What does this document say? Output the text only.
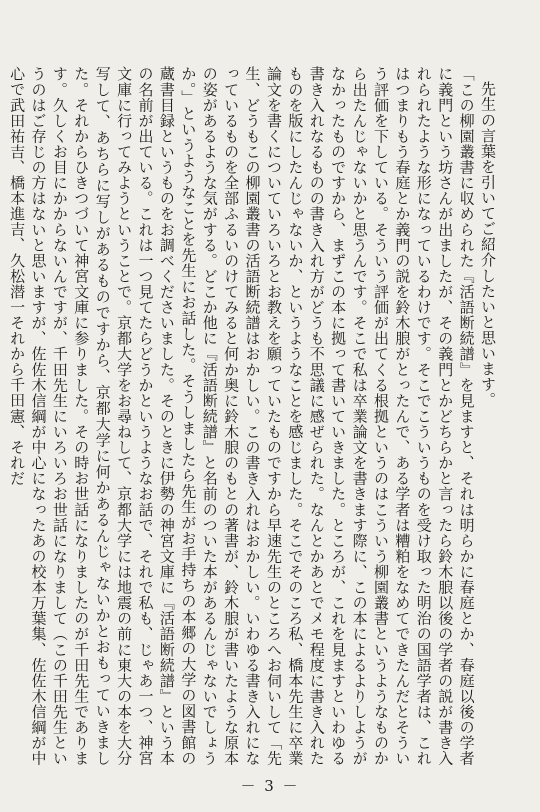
先生の言葉を引いてご紹介したいと思います。

「この柳園叢書に収められた『活語断続譜』を見ますと、それは明らかに春庭とか、春庭以後の学者に義門という坊さんが出ましたが、その義門とかどちらかと言ったら鈴木朖以後の学者の説が書き入れられたような形になっているわけです。そこでこういうものを受け取った明治の国語学者は、これはつまりもう春庭とか義門の説を鈴木朖がとったんで、ある学者は糟粕をなめてできたんだとそういう評価を下している。そういう評価が出てくる根拠というのはこういう柳園叢書というようなものから出たんじゃないかと思うんです。そこで私は卒業論文を書きます際に、この本によるよりしようがなかったものですから、まずこの本に拠って書いていきました。ところが、これを見ますといわゆる書き入れなるものの書き入れ方がどうも不思議に感ぜられた。なんとかあとでメモ程度に書き入れたものを版にしたんじゃないか、というようなことを感じました。そこでそのころ私、橋本先生に卒業論文を書くについていろいろとお教えを願っていたものですから早速先生のところへお伺いして「先生、どうもこの柳園叢書の活語断続譜はおかしい。この書き入れはおかしい。いわゆる書き入れになっているものを全部ふるいのけてみると何か奥に鈴木朖のもとの著書が、鈴木朖が書いたような原本の姿があるような気がする。どこか他に『活語断続譜』と名前のついた本があるんじゃないでしょうか。」というようなことを先生にお話した。そうしましたら先生がお手持ちの本郷の大学の図書館の蔵書目録というものをお調べくださいました。そのときに伊勢の神宮文庫に『活語断続譜』という本の名前が出ている。これは一つ見てたらどうかというようなお話で、それで私も、じゃあ一つ、神宮文庫に行ってみようということで。京都大学をお尋ねして、京都大学には地震の前に東大の本を大分写して、あちらに写しがあるものですから、京都大学に何かあるんじゃないかとおもっていきました。それからひきつづいて神宮文庫に参りました。その時お世話になりましたのが千田先生であります。久しくお目にかからないんですが、千田先生にいろいろお世話になりまして（この千田先生というのはご存じの方はないと思いますが、佐佐木信綱が中心になったあの校本万葉集、佐佐木信綱が中心で武田祐吉、橋本進吉、久松潜一それから千田憲、それだ

－ 3 －
